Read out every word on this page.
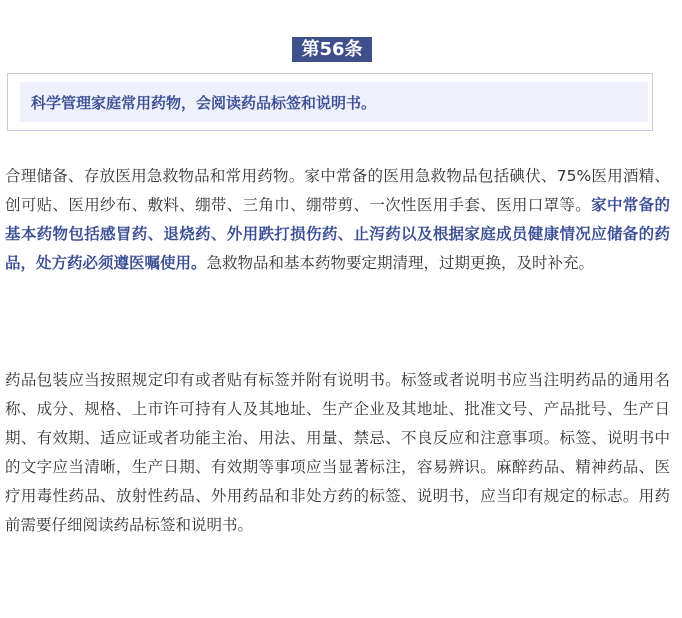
第56条
科学管理家庭常用药物，会阅读药品标签和说明书。

合理储备、存放医用急救物品和常用药物。家中常备的医用急救物品包括碘伏、75%医用酒精、创可贴、医用纱布、敷料、绷带、三角巾、绷带剪、一次性医用手套、医用口罩等。家中常备的基本药物包括感冒药、退烧药、外用跌打损伤药、止泻药以及根据家庭成员健康情况应储备的药品，处方药必须遵医嘱使用。急救物品和基本药物要定期清理，过期更换，及时补充。

药品包装应当按照规定印有或者贴有标签并附有说明书。标签或者说明书应当注明药品的通用名称、成分、规格、上市许可持有人及其地址、生产企业及其地址、批准文号、产品批号、生产日期、有效期、适应证或者功能主治、用法、用量、禁忌、不良反应和注意事项。标签、说明书中的文字应当清晰，生产日期、有效期等事项应当显著标注，容易辨识。麻醉药品、精神药品、医疗用毒性药品、放射性药品、外用药品和非处方药的标签、说明书，应当印有规定的标志。用药前需要仔细阅读药品标签和说明书。
